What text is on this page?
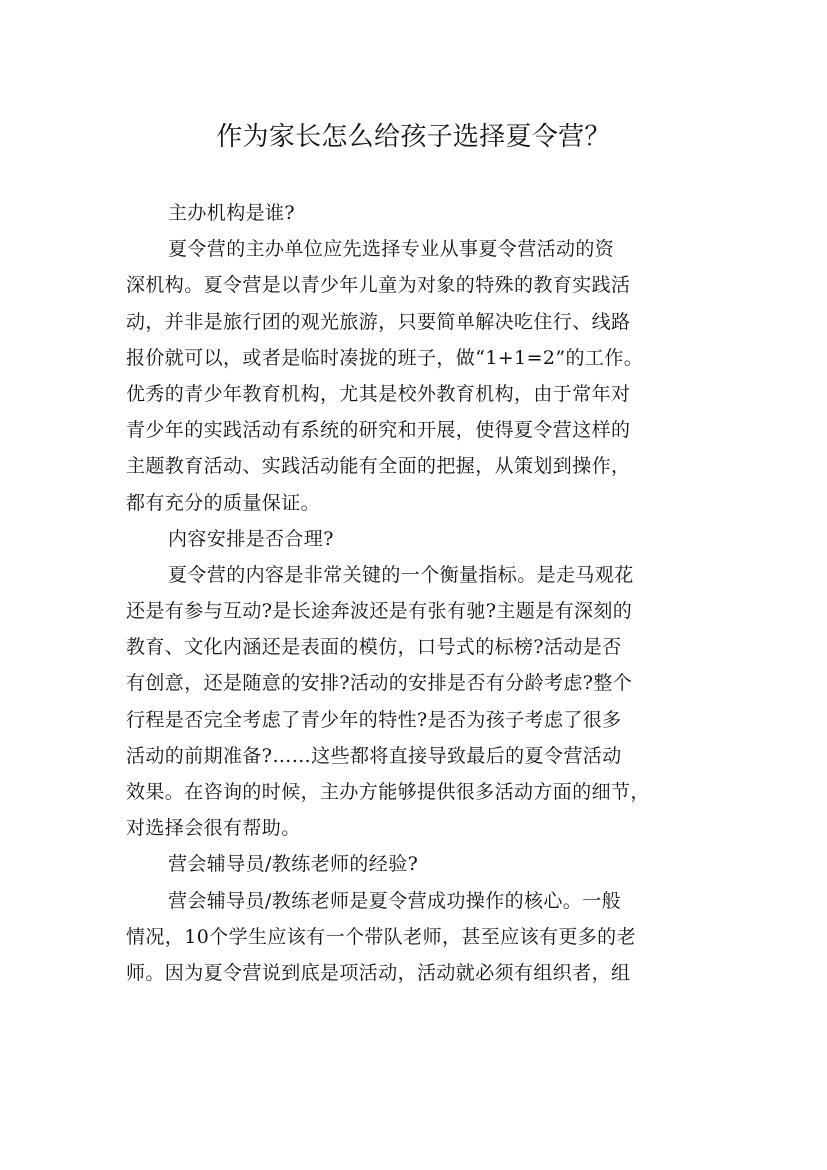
作为家长怎么给孩子选择夏令营？

主办机构是谁?

夏令营的主办单位应先选择专业从事夏令营活动的资

深机构。夏令营是以青少年儿童为对象的特殊的教育实践活

动，并非是旅行团的观光旅游，只要简单解决吃住行、线路

报价就可以，或者是临时凑拢的班子，做“1+1=2”的工作。

优秀的青少年教育机构，尤其是校外教育机构，由于常年对

青少年的实践活动有系统的研究和开展，使得夏令营这样的

主题教育活动、实践活动能有全面的把握，从策划到操作，

都有充分的质量保证。

内容安排是否合理?

夏令营的内容是非常关键的一个衡量指标。是走马观花

还是有参与互动?是长途奔波还是有张有驰?主题是有深刻的

教育、文化内涵还是表面的模仿，口号式的标榜?活动是否

有创意，还是随意的安排?活动的安排是否有分龄考虑?整个

行程是否完全考虑了青少年的特性?是否为孩子考虑了很多

活动的前期准备?……这些都将直接导致最后的夏令营活动

效果。在咨询的时候，主办方能够提供很多活动方面的细节，

对选择会很有帮助。

营会辅导员/教练老师的经验?

营会辅导员/教练老师是夏令营成功操作的核心。一般

情况，10个学生应该有一个带队老师，甚至应该有更多的老

师。因为夏令营说到底是项活动，活动就必须有组织者，组
